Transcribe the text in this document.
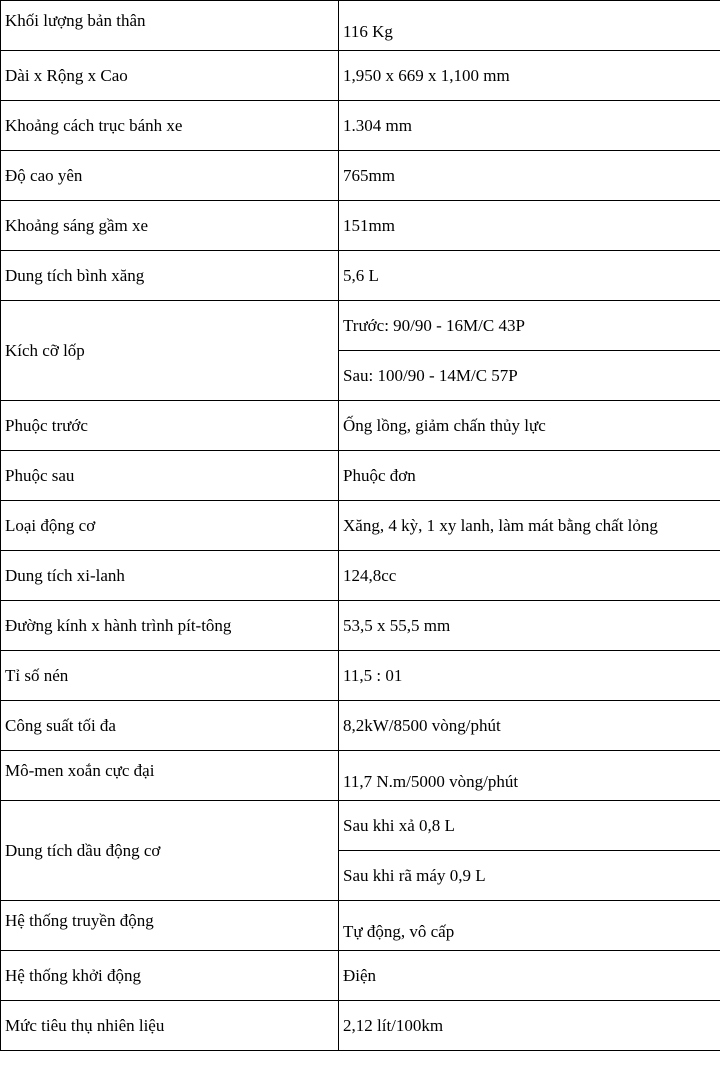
Khối lượng bản thân	116 Kg
Dài x Rộng x Cao	1,950 x 669 x 1,100 mm
Khoảng cách trục bánh xe	1.304 mm
Độ cao yên	765mm
Khoảng sáng gầm xe	151mm
Dung tích bình xăng	5,6 L
Kích cỡ lốp	Trước: 90/90 - 16M/C 43P
	Sau: 100/90 - 14M/C 57P
Phuộc trước	Ống lồng, giảm chấn thủy lực
Phuộc sau	Phuộc đơn
Loại động cơ	Xăng, 4 kỳ, 1 xy lanh, làm mát bằng chất lỏng
Dung tích xi-lanh	124,8cc
Đường kính x hành trình pít-tông	53,5 x 55,5 mm
Tỉ số nén	11,5 : 01
Công suất tối đa	8,2kW/8500 vòng/phút
Mô-men xoắn cực đại	11,7 N.m/5000 vòng/phút
Dung tích dầu động cơ	Sau khi xả 0,8 L
	Sau khi rã máy 0,9 L
Hệ thống truyền động	Tự động, vô cấp
Hệ thống khởi động	Điện
Mức tiêu thụ nhiên liệu	2,12 lít/100km
